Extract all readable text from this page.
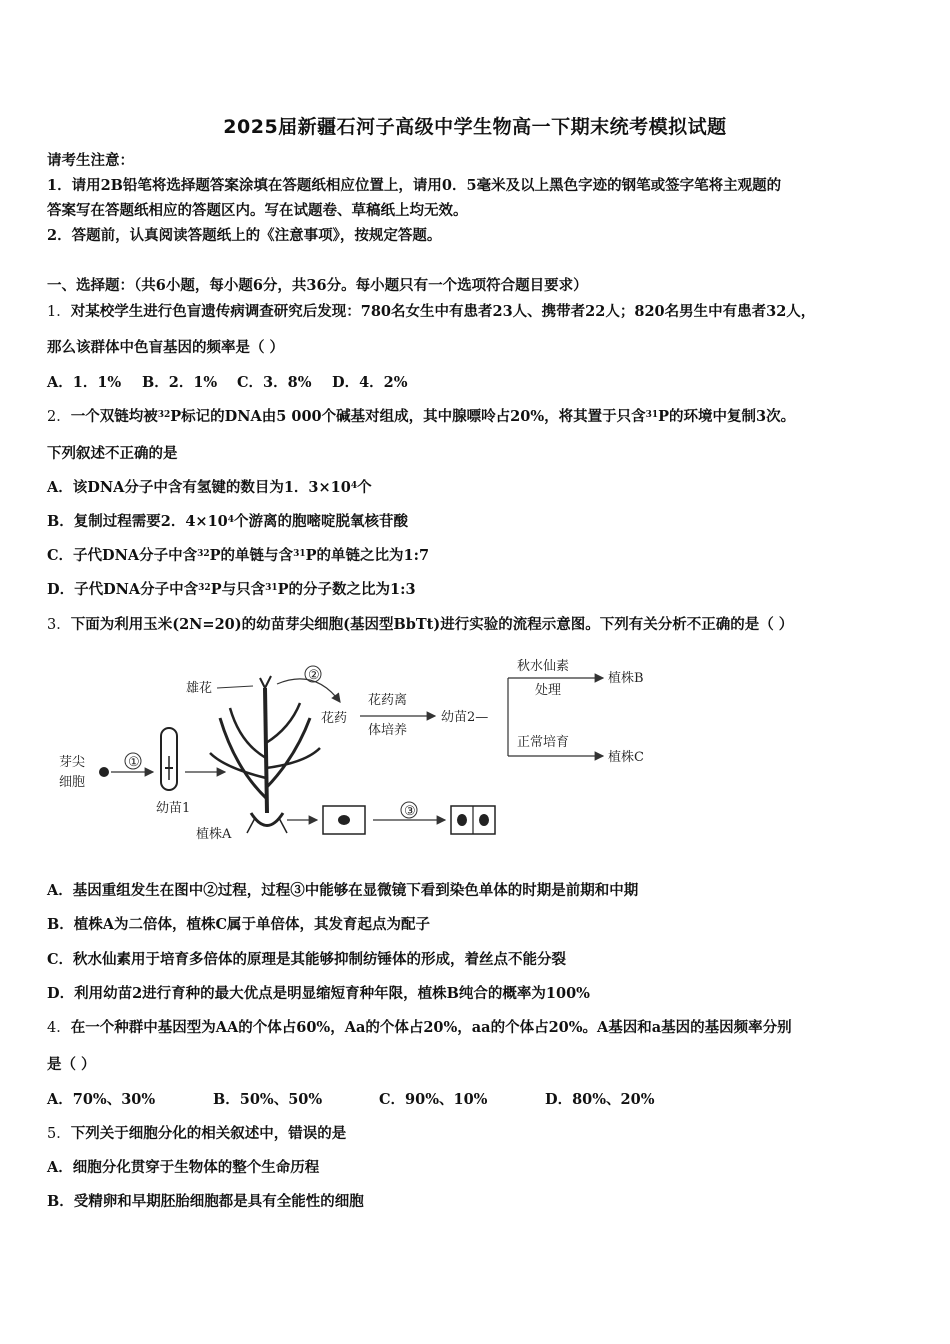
2025届新疆石河子高级中学生物高一下期末统考模拟试题
请考生注意：
1．请用2B铅笔将选择题答案涂填在答题纸相应位置上，请用0．5毫米及以上黑色字迹的钢笔或签字笔将主观题的
答案写在答题纸相应的答题区内。写在试题卷、草稿纸上均无效。
2．答题前，认真阅读答题纸上的《注意事项》，按规定答题。
一、选择题：（共6小题，每小题6分，共36分。每小题只有一个选项符合题目要求）
1．对某校学生进行色盲遗传病调查研究后发现：780名女生中有患者23人、携带者22人；820名男生中有患者32人，
那么该群体中色盲基因的频率是（ ）
A．1．1%	B．2．1%	C．3．8%	D．4．2%
2．一个双链均被$^{32}$P标记的DNA由5 000个碱基对组成，其中腺嘌呤占20%，将其置于只含$^{31}$P的环境中复制3次。
下列叙述不正确的是
A．该DNA分子中含有氢键的数目为1．$3\times 10^4$个
B．复制过程需要2．$4\times 10^4$个游离的胞嘧啶脱氧核苷酸
C．子代DNA分子中含$^{32}$P的单链与含$^{31}$P的单链之比为1:7
D．子代DNA分子中含$^{32}$P与只含$^{31}$P的分子数之比为1:3
3．下面为利用玉米(2N=20)的幼苗芽尖细胞(基因型BbTt)进行实验的流程示意图。下列有关分析不正确的是（ ）
芽尖
细胞
①
幼苗1
雄花
植株A
②
花药
花药离
体培养
幼苗2—
秋水仙素
处理
植株B
正常培育
植株C
③
A．基因重组发生在图中②过程，过程③中能够在显微镜下看到染色单体的时期是前期和中期
B．植株A为二倍体，植株C属于单倍体，其发育起点为配子
C．秋水仙素用于培育多倍体的原理是其能够抑制纺锤体的形成，着丝点不能分裂
D．利用幼苗2进行育种的最大优点是明显缩短育种年限，植株B纯合的概率为100%
4．在一个种群中基因型为AA的个体占60%，Aa的个体占20%，aa的个体占20%。A基因和a基因的基因频率分别
是（ ）
A．70%、30%	B．50%、50%	C．90%、10%	D．80%、20%
5．下列关于细胞分化的相关叙述中，错误的是
A．细胞分化贯穿于生物体的整个生命历程
B．受精卵和早期胚胎细胞都是具有全能性的细胞
